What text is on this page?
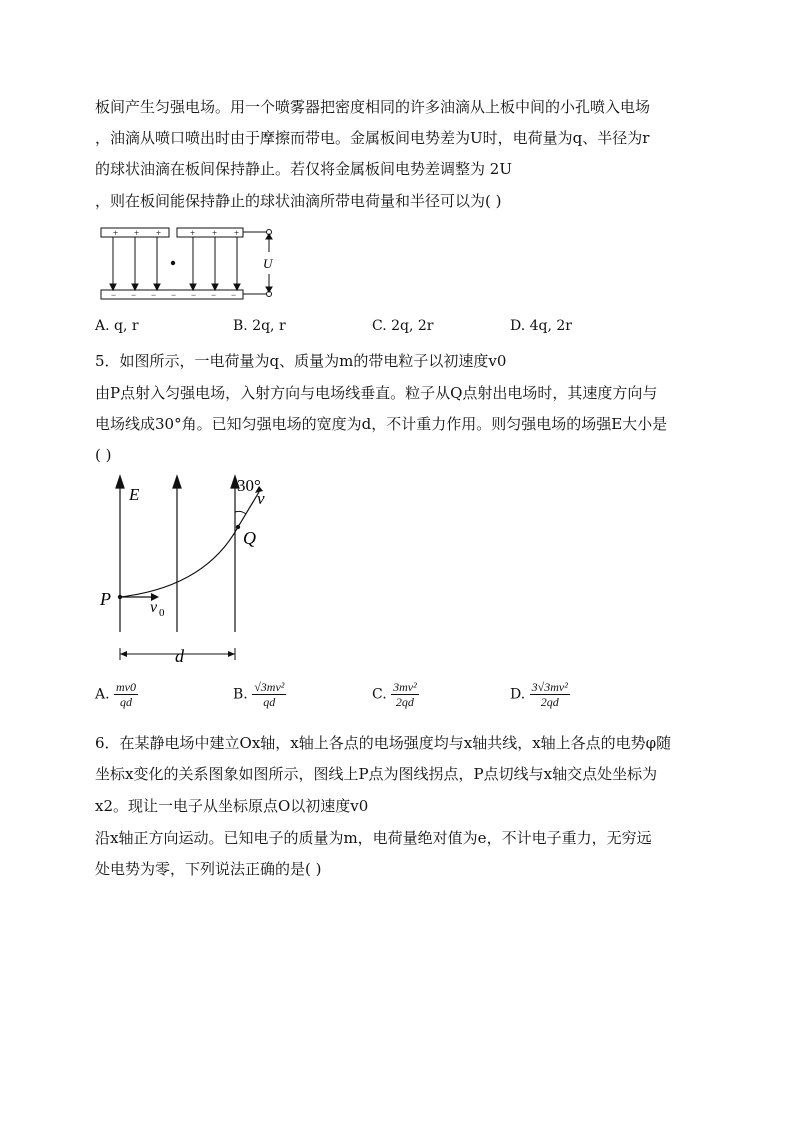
板间产生匀强电场。用一个喷雾器把密度相同的许多油滴从上板中间的小孔喷入电场
，油滴从喷口喷出时由于摩擦而带电。金属板间电势差为U时，电荷量为q、半径为r
的球状油滴在板间保持静止。若仅将金属板间电势差调整为 2U
，则在板间能保持静止的球状油滴所带电荷量和半径可以为( )
+ + +	+ + +
− − − − − − −
U
A. q, r	B. 2q, r	C. 2q, 2r	D. 4q, 2r
5．如图所示，一电荷量为q、质量为m的带电粒子以初速度v0
由P点射入匀强电场，入射方向与电场线垂直。粒子从Q点射出电场时，其速度方向与
电场线成30°角。已知匀强电场的宽度为d，不计重力作用。则匀强电场的场强E大小是
( )
E	30°
v
Q
P v 0
d
A. $\frac{mv0}{qd}$	B. $\frac{\text{√3mv²}}{qd}$	C. $\frac{\text{3mv²}}{2qd}$	D. $\frac{\text{3√3mv²}}{2qd}$
6．在某静电场中建立Ox轴，x轴上各点的电场强度均与x轴共线，x轴上各点的电势φ随
坐标x变化的关系图象如图所示，图线上P点为图线拐点，P点切线与x轴交点处坐标为
x2。现让一电子从坐标原点O以初速度v0
沿x轴正方向运动。已知电子的质量为m，电荷量绝对值为e，不计电子重力，无穷远
处电势为零，下列说法正确的是( )
